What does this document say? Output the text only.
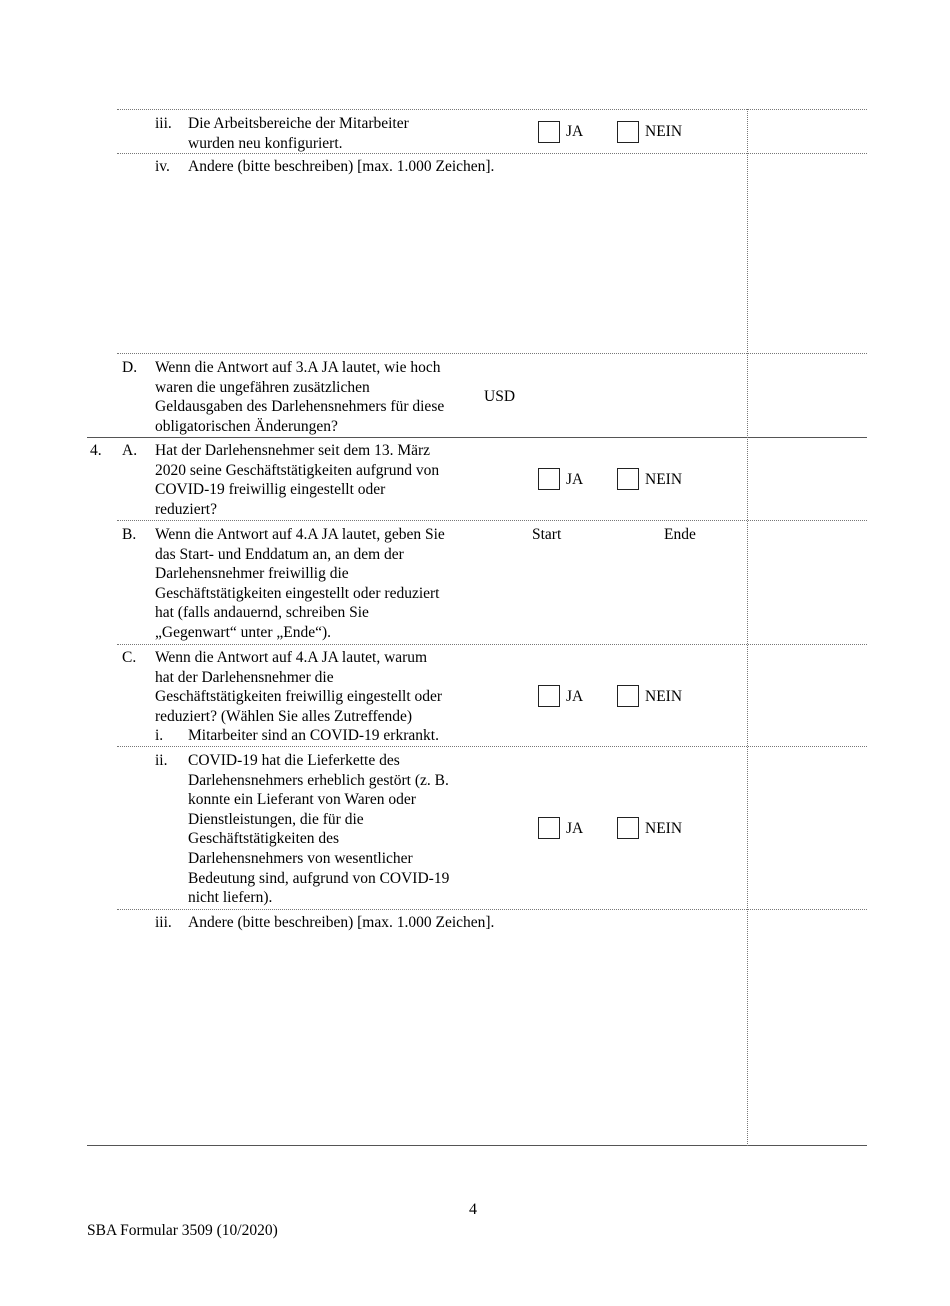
iii. Die Arbeitsbereiche der Mitarbeiter
wurden neu konfiguriert.
JA	NEIN
iv. Andere (bitte beschreiben) [max. 1.000 Zeichen].
D. Wenn die Antwort auf 3.A JA lautet, wie hoch
waren die ungefähren zusätzlichen
Geldausgaben des Darlehensnehmers für diese
obligatorischen Änderungen?
USD
4. A. Hat der Darlehensnehmer seit dem 13. März
2020 seine Geschäftstätigkeiten aufgrund von
COVID-19 freiwillig eingestellt oder
reduziert?
JA	NEIN
B. Wenn die Antwort auf 4.A JA lautet, geben Sie
das Start- und Enddatum an, an dem der
Darlehensnehmer freiwillig die
Geschäftstätigkeiten eingestellt oder reduziert
hat (falls andauernd, schreiben Sie
„Gegenwart“ unter „Ende“).
Start	Ende
C. Wenn die Antwort auf 4.A JA lautet, warum
hat der Darlehensnehmer die
Geschäftstätigkeiten freiwillig eingestellt oder
reduziert? (Wählen Sie alles Zutreffende)
i. Mitarbeiter sind an COVID-19 erkrankt.
JA	NEIN
ii. COVID-19 hat die Lieferkette des
Darlehensnehmers erheblich gestört (z. B.
konnte ein Lieferant von Waren oder
Dienstleistungen, die für die
Geschäftstätigkeiten des
Darlehensnehmers von wesentlicher
Bedeutung sind, aufgrund von COVID-19
nicht liefern).
JA	NEIN
iii. Andere (bitte beschreiben) [max. 1.000 Zeichen].
4
SBA Formular 3509 (10/2020)
